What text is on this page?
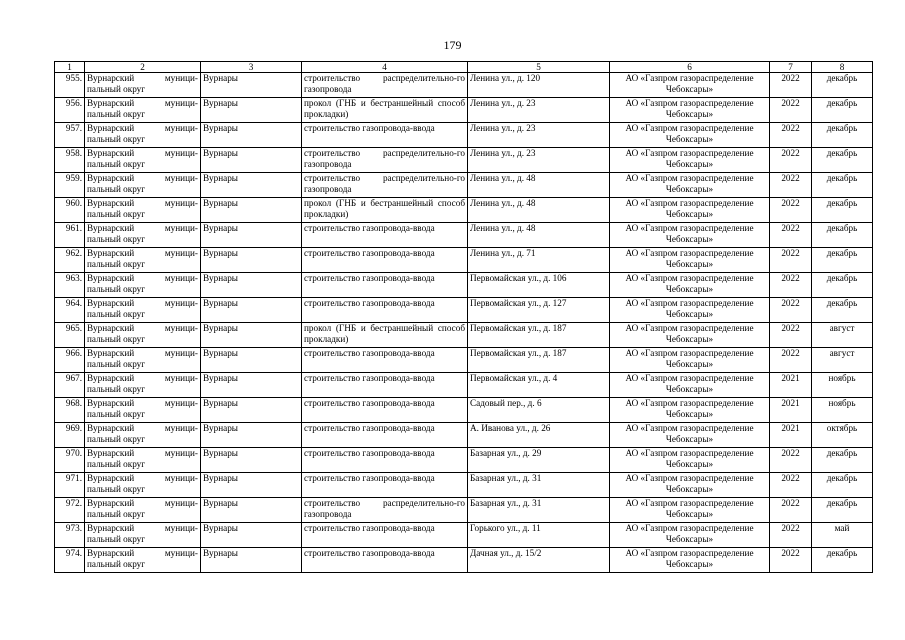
179
1	2	3	4	5	6	7	8
955.	Вурнарский муници-пальный округ	Вурнары	строительство распределительно-го газопровода	Ленина ул., д. 120	АО «Газпром газораспределение Чебоксары»	2022	декабрь
956.	Вурнарский муници-пальный округ	Вурнары	прокол (ГНБ и бестраншейный способ прокладки)	Ленина ул., д. 23	АО «Газпром газораспределение Чебоксары»	2022	декабрь
957.	Вурнарский муници-пальный округ	Вурнары	строительство газопровода-ввода	Ленина ул., д. 23	АО «Газпром газораспределение Чебоксары»	2022	декабрь
958.	Вурнарский муници-пальный округ	Вурнары	строительство распределительно-го газопровода	Ленина ул., д. 23	АО «Газпром газораспределение Чебоксары»	2022	декабрь
959.	Вурнарский муници-пальный округ	Вурнары	строительство распределительно-го газопровода	Ленина ул., д. 48	АО «Газпром газораспределение Чебоксары»	2022	декабрь
960.	Вурнарский муници-пальный округ	Вурнары	прокол (ГНБ и бестраншейный способ прокладки)	Ленина ул., д. 48	АО «Газпром газораспределение Чебоксары»	2022	декабрь
961.	Вурнарский муници-пальный округ	Вурнары	строительство газопровода-ввода	Ленина ул., д. 48	АО «Газпром газораспределение Чебоксары»	2022	декабрь
962.	Вурнарский муници-пальный округ	Вурнары	строительство газопровода-ввода	Ленина ул., д. 71	АО «Газпром газораспределение Чебоксары»	2022	декабрь
963.	Вурнарский муници-пальный округ	Вурнары	строительство газопровода-ввода	Первомайская ул., д. 106	АО «Газпром газораспределение Чебоксары»	2022	декабрь
964.	Вурнарский муници-пальный округ	Вурнары	строительство газопровода-ввода	Первомайская ул., д. 127	АО «Газпром газораспределение Чебоксары»	2022	декабрь
965.	Вурнарский муници-пальный округ	Вурнары	прокол (ГНБ и бестраншейный способ прокладки)	Первомайская ул., д. 187	АО «Газпром газораспределение Чебоксары»	2022	август
966.	Вурнарский муници-пальный округ	Вурнары	строительство газопровода-ввода	Первомайская ул., д. 187	АО «Газпром газораспределение Чебоксары»	2022	август
967.	Вурнарский муници-пальный округ	Вурнары	строительство газопровода-ввода	Первомайская ул., д. 4	АО «Газпром газораспределение Чебоксары»	2021	ноябрь
968.	Вурнарский муници-пальный округ	Вурнары	строительство газопровода-ввода	Садовый пер., д. 6	АО «Газпром газораспределение Чебоксары»	2021	ноябрь
969.	Вурнарский муници-пальный округ	Вурнары	строительство газопровода-ввода	А. Иванова ул., д. 26	АО «Газпром газораспределение Чебоксары»	2021	октябрь
970.	Вурнарский муници-пальный округ	Вурнары	строительство газопровода-ввода	Базарная ул., д. 29	АО «Газпром газораспределение Чебоксары»	2022	декабрь
971.	Вурнарский муници-пальный округ	Вурнары	строительство газопровода-ввода	Базарная ул., д. 31	АО «Газпром газораспределение Чебоксары»	2022	декабрь
972.	Вурнарский муници-пальный округ	Вурнары	строительство распределительно-го газопровода	Базарная ул., д. 31	АО «Газпром газораспределение Чебоксары»	2022	декабрь
973.	Вурнарский муници-пальный округ	Вурнары	строительство газопровода-ввода	Горького ул., д. 11	АО «Газпром газораспределение Чебоксары»	2022	май
974.	Вурнарский муници-пальный округ	Вурнары	строительство газопровода-ввода	Дачная ул., д. 15/2	АО «Газпром газораспределение Чебоксары»	2022	декабрь
